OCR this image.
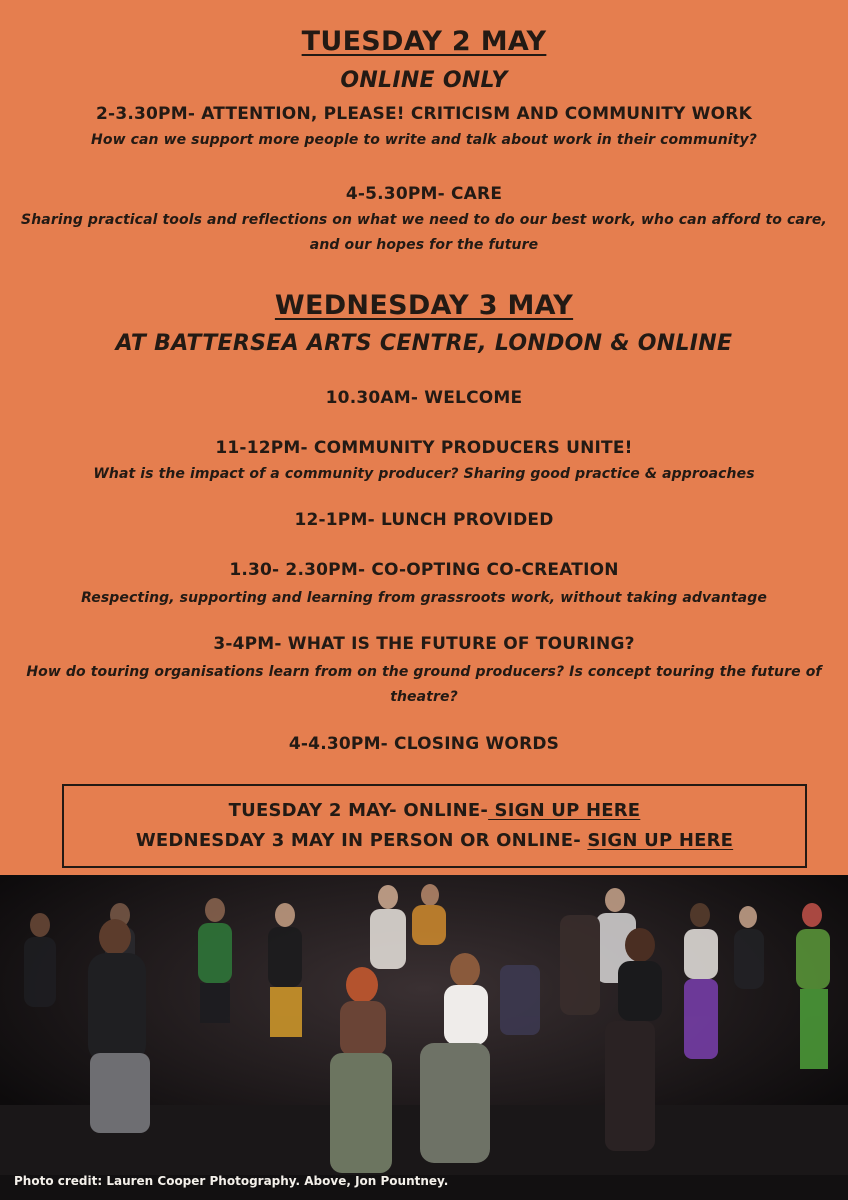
TUESDAY 2 MAY
ONLINE ONLY
2-3.30PM- ATTENTION, PLEASE! CRITICISM AND COMMUNITY WORK
How can we support more people to write and talk about work in their community?
4-5.30PM- CARE
Sharing practical tools and reflections on what we need to do our best work, who can afford to care, and our hopes for the future
WEDNESDAY 3 MAY
AT BATTERSEA ARTS CENTRE, LONDON & ONLINE
10.30AM- WELCOME
11-12PM- COMMUNITY PRODUCERS UNITE!
What is the impact of a community producer? Sharing good practice & approaches
12-1PM- LUNCH PROVIDED
1.30- 2.30PM- CO-OPTING CO-CREATION
Respecting, supporting and learning from grassroots work, without taking advantage
3-4PM- WHAT IS THE FUTURE OF TOURING?
How do touring organisations learn from on the ground producers? Is concept touring the future of theatre?
4-4.30PM- CLOSING WORDS
TUESDAY 2 MAY- ONLINE- SIGN UP HERE
WEDNESDAY 3 MAY IN PERSON OR ONLINE- SIGN UP HERE
Photo credit: Lauren Cooper Photography. Above, Jon Pountney.
